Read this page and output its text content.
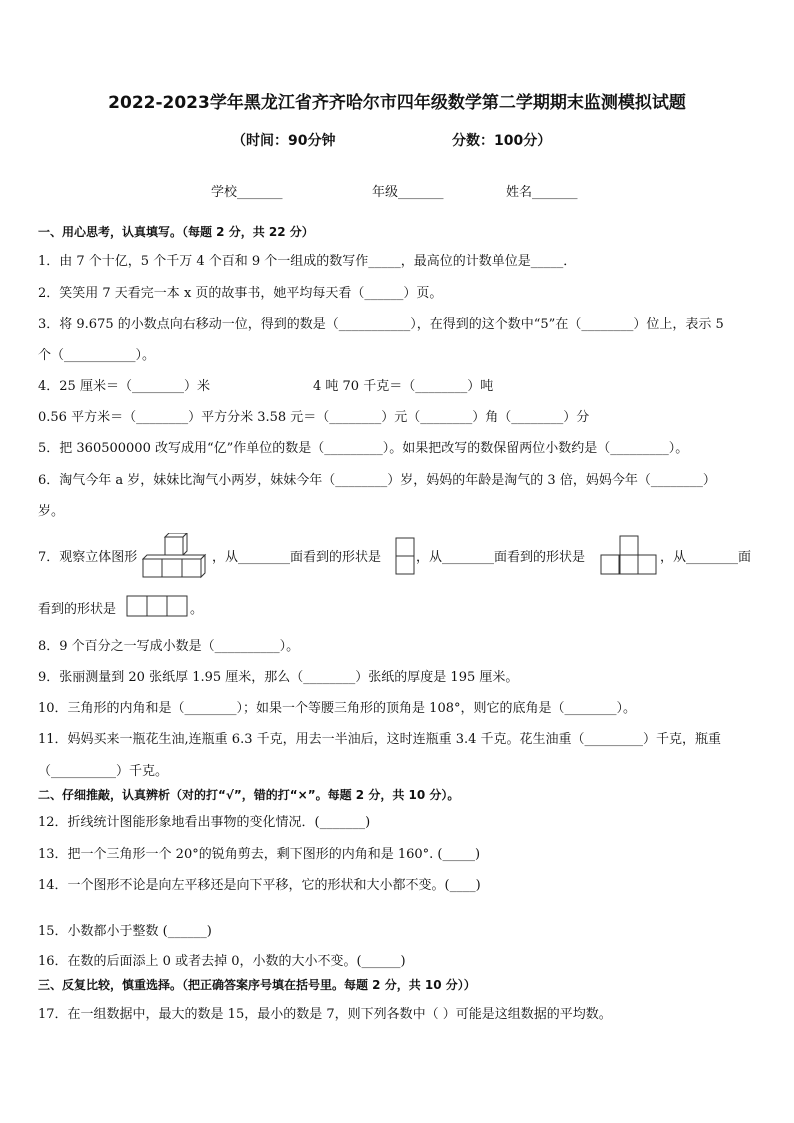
2022-2023学年黑龙江省齐齐哈尔市四年级数学第二学期期末监测模拟试题
（时间：90分钟	分数：100分）
学校_______	年级_______	姓名_______
一、用心思考，认真填写。（每题 2 分，共 22 分）
1．由 7 个十亿，5 个千万 4 个百和 9 个一组成的数写作_____，最高位的计数单位是_____．
2．笑笑用 7 天看完一本 x 页的故事书，她平均每天看（______）页。
3．将 9.675 的小数点向右移动一位，得到的数是（___________），在得到的这个数中“5”在（________）位上，表示 5
个（___________）。
4．25 厘米＝（________）米	4 吨 70 千克＝（________）吨
0.56 平方米＝（________）平方分米 3.58 元＝（________）元（________）角（________）分
5．把 360500000 改写成用“亿”作单位的数是（_________）。如果把改写的数保留两位小数约是（_________）。
6．淘气今年 a 岁，妹妹比淘气小两岁，妹妹今年（________）岁，妈妈的年龄是淘气的 3 倍，妈妈今年（________）
岁。
7．观察立体图形	，从________面看到的形状是	，从________面看到的形状是	，从________面
看到的形状是	。
8．9 个百分之一写成小数是（__________）。
9．张丽测量到 20 张纸厚 1.95 厘米，那么（________）张纸的厚度是 195 厘米。
10．三角形的内角和是（________）；如果一个等腰三角形的顶角是 108°，则它的底角是（________）。
11．妈妈买来一瓶花生油,连瓶重 6.3 千克，用去一半油后，这时连瓶重 3.4 千克。花生油重（_________）千克，瓶重
（__________）千克。
二、仔细推敲，认真辨析（对的打“√”，错的打“×”。每题 2 分，共 10 分）。
12．折线统计图能形象地看出事物的变化情况．(_______)
13．把一个三角形一个 20°的锐角剪去，剩下图形的内角和是 160°. (_____)
14．一个图形不论是向左平移还是向下平移，它的形状和大小都不变。(____)
15．小数都小于整数 (______)
16．在数的后面添上 0 或者去掉 0，小数的大小不变。(______)
三、反复比较，慎重选择。（把正确答案序号填在括号里。每题 2 分，共 10 分））
17．在一组数据中，最大的数是 15，最小的数是 7，则下列各数中（ ）可能是这组数据的平均数。
